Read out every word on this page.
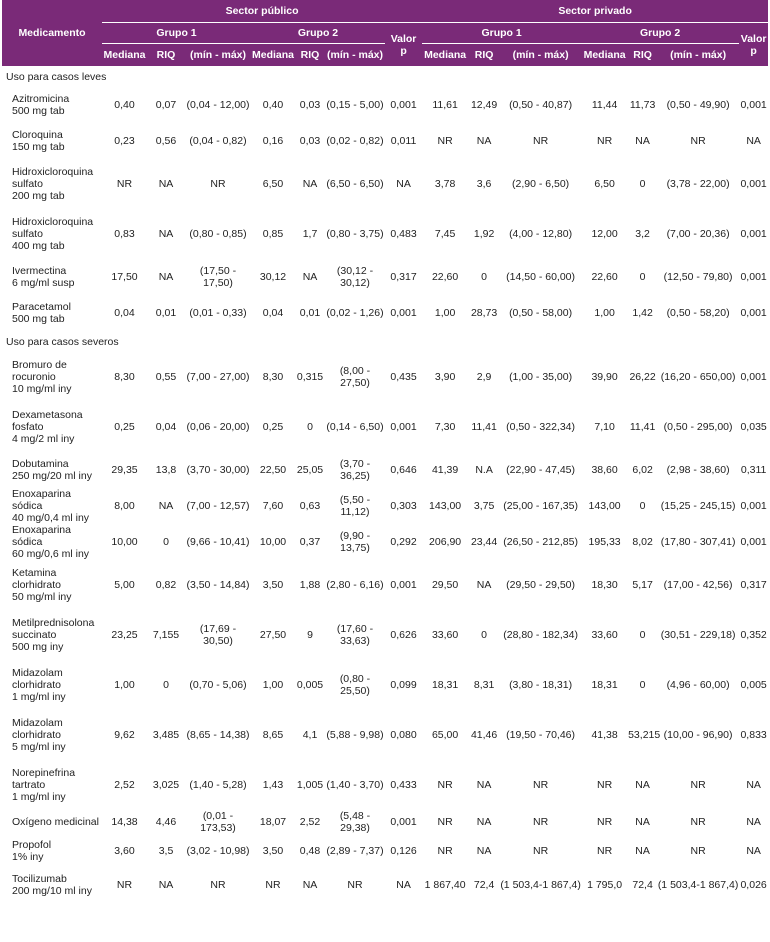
Medicamento	Sector público							Sector privado						
	Grupo 1			Grupo 2			Valor
p	Grupo 1			Grupo 2			Valor
p

	Mediana	RIQ	(mín - máx)	Mediana	RIQ	(mín - máx)		Mediana	RIQ	(mín - máx)	Mediana	RIQ	(mín - máx)	
Uso para casos leves														

Azitromicina
500 mg tab	0,40	0,07	(0,04 - 12,00)	0,40	0,03	(0,15 - 5,00)	0,001	11,61	12,49	(0,50 - 40,87)	11,44	11,73	(0,50 - 49,90)	0,001

Cloroquina
150 mg tab	0,23	0,56	(0,04 - 0,82)	0,16	0,03	(0,02 - 0,82)	0,011	NR	NA	NR	NR	NA	NR	NA

Hidroxicloroquina
sulfato
200 mg tab	NR	NA	NR	6,50	NA	(6,50 - 6,50)	NA	3,78	3,6	(2,90 - 6,50)	6,50	0	(3,78 - 22,00)	0,001

Hidroxicloroquina
sulfato
400 mg tab	0,83	NA	(0,80 - 0,85)	0,85	1,7	(0,80 - 3,75)	0,483	7,45	1,92	(4,00 - 12,80)	12,00	3,2	(7,00 - 20,36)	0,001

Ivermectina
6 mg/ml susp	17,50	NA	(17,50 - 17,50)	30,12	NA	(30,12 - 30,12)	0,317	22,60	0	(14,50 - 60,00)	22,60	0	(12,50 - 79,80)	0,001

Paracetamol
500 mg tab	0,04	0,01	(0,01 - 0,33)	0,04	0,01	(0,02 - 1,26)	0,001	1,00	28,73	(0,50 - 58,00)	1,00	1,42	(0,50 - 58,20)	0,001
Uso para casos severos														

Bromuro de
rocuronio
10 mg/ml iny	8,30	0,55	(7,00 - 27,00)	8,30	0,315	(8,00 - 27,50)	0,435	3,90	2,9	(1,00 - 35,00)	39,90	26,22	(16,20 - 650,00)	0,001

Dexametasona
fosfato
4 mg/2 ml iny	0,25	0,04	(0,06 - 20,00)	0,25	0	(0,14 - 6,50)	0,001	7,30	11,41	(0,50 - 322,34)	7,10	11,41	(0,50 - 295,00)	0,035

Dobutamina
250 mg/20 ml iny	29,35	13,8	(3,70 - 30,00)	22,50	25,05	(3,70 - 36,25)	0,646	41,39	N.A	(22,90 - 47,45)	38,60	6,02	(2,98 - 38,60)	0,311

Enoxaparina sódica
40 mg/0,4 ml iny	8,00	NA	(7,00 - 12,57)	7,60	0,63	(5,50 - 11,12)	0,303	143,00	3,75	(25,00 - 167,35)	143,00	0	(15,25 - 245,15)	0,001

Enoxaparina sódica
60 mg/0,6 ml iny	10,00	0	(9,66 - 10,41)	10,00	0,37	(9,90 - 13,75)	0,292	206,90	23,44	(26,50 - 212,85)	195,33	8,02	(17,80 - 307,41)	0,001

Ketamina
clorhidrato
50 mg/ml iny	5,00	0,82	(3,50 - 14,84)	3,50	1,88	(2,80 - 6,16)	0,001	29,50	NA	(29,50 - 29,50)	18,30	5,17	(17,00 - 42,56)	0,317

Metilprednisolona
succinato
500 mg iny	23,25	7,155	(17,69 - 30,50)	27,50	9	(17,60 - 33,63)	0,626	33,60	0	(28,80 - 182,34)	33,60	0	(30,51 - 229,18)	0,352

Midazolam
clorhidrato
1 mg/ml iny	1,00	0	(0,70 - 5,06)	1,00	0,005	(0,80 - 25,50)	0,099	18,31	8,31	(3,80 - 18,31)	18,31	0	(4,96 - 60,00)	0,005

Midazolam
clorhidrato
5 mg/ml iny	9,62	3,485	(8,65 - 14,38)	8,65	4,1	(5,88 - 9,98)	0,080	65,00	41,46	(19,50 - 70,46)	41,38	53,215	(10,00 - 96,90)	0,833

Norepinefrina
tartrato
1 mg/ml iny	2,52	3,025	(1,40 - 5,28)	1,43	1,005	(1,40 - 3,70)	0,433	NR	NA	NR	NR	NA	NR	NA

Oxígeno medicinal	14,38	4,46	(0,01 - 173,53)	18,07	2,52	(5,48 - 29,38)	0,001	NR	NA	NR	NR	NA	NR	NA

Propofol
1% iny	3,60	3,5	(3,02 - 10,98)	3,50	0,48	(2,89 - 7,37)	0,126	NR	NA	NR	NR	NA	NR	NA

Tocilizumab
200 mg/10 ml iny	NR	NA	NR	NR	NA	NR	NA	1 867,40	72,4	(1 503,4-1 867,4)	1 795,0	72,4	(1 503,4-1 867,4)	0,026
